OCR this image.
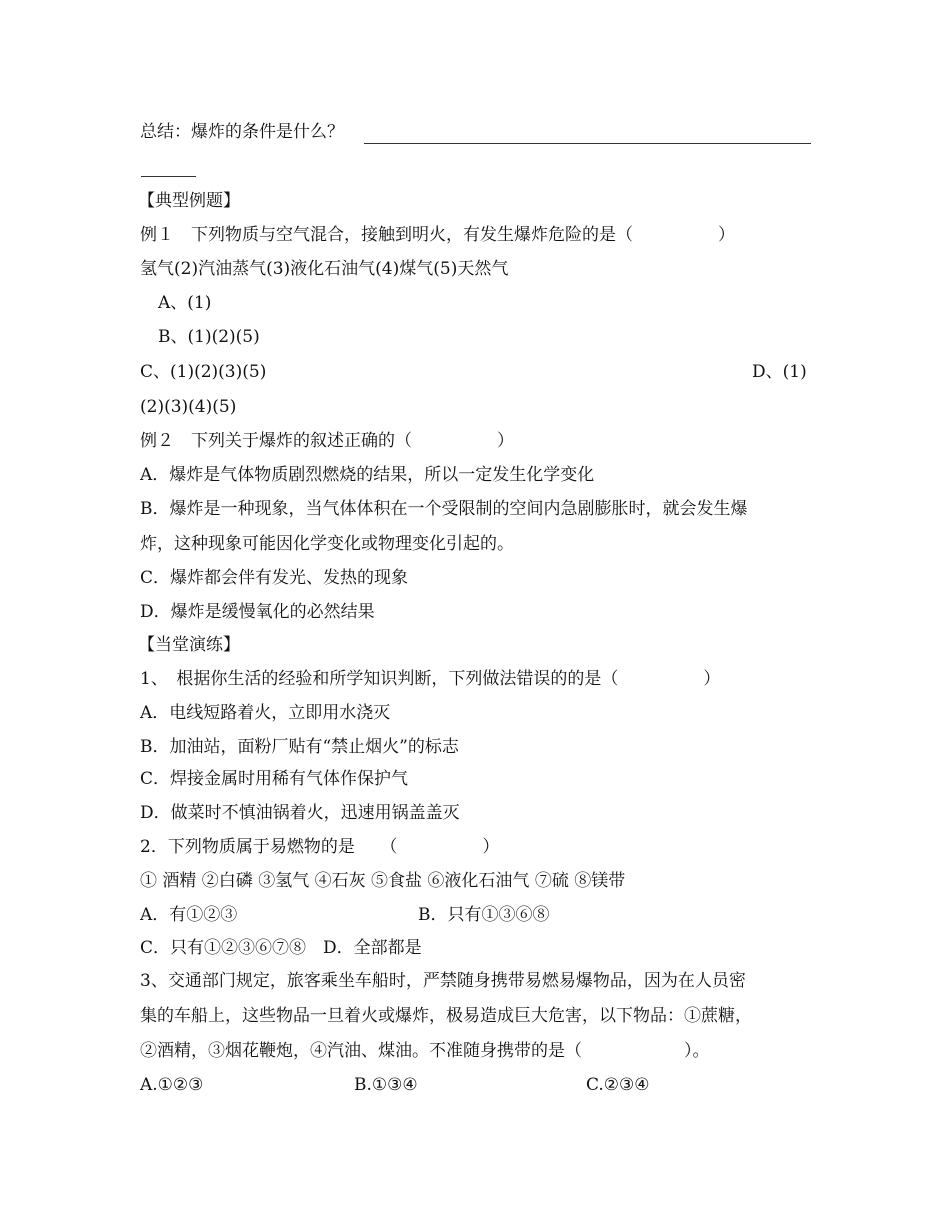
总结：爆炸的条件是什么？
【典型例题】
例１　下列物质与空气混合，接触到明火，有发生爆炸危险的是（　　　　　）
氢气(2)汽油蒸气(3)液化石油气(4)煤气(5)天然气
A、(1)
B、(1)(2)(5)
C、(1)(2)(3)(5)	D、(1)
(2)(3)(4)(5)
例２　下列关于爆炸的叙述正确的（　　　　　）
A．爆炸是气体物质剧烈燃烧的结果，所以一定发生化学变化
B．爆炸是一种现象，当气体体积在一个受限制的空间内急剧膨胀时，就会发生爆
炸，这种现象可能因化学变化或物理变化引起的。
C．爆炸都会伴有发光、发热的现象
D．爆炸是缓慢氧化的必然结果
【当堂演练】
1、　根据你生活的经验和所学知识判断，下列做法错误的的是（　　　　　）
A．电线短路着火，立即用水浇灭
B．加油站，面粉厂贴有“禁止烟火”的标志
C．焊接金属时用稀有气体作保护气
D．做菜时不慎油锅着火，迅速用锅盖盖灭
2．下列物质属于易燃物的是　　（　　　　　）
① 酒精 ②白磷 ③氢气 ④石灰 ⑤食盐 ⑥液化石油气 ⑦硫 ⑧镁带
A．有①②③	B．只有①③⑥⑧
C．只有①②③⑥⑦⑧　D．全部都是
3、交通部门规定，旅客乘坐车船时，严禁随身携带易燃易爆物品，因为在人员密
集的车船上，这些物品一旦着火或爆炸，极易造成巨大危害，以下物品：①蔗糖，
②酒精，③烟花鞭炮，④汽油、煤油。不准随身携带的是（　　　　　　）。
A.①②③	B.①③④	C.②③④
